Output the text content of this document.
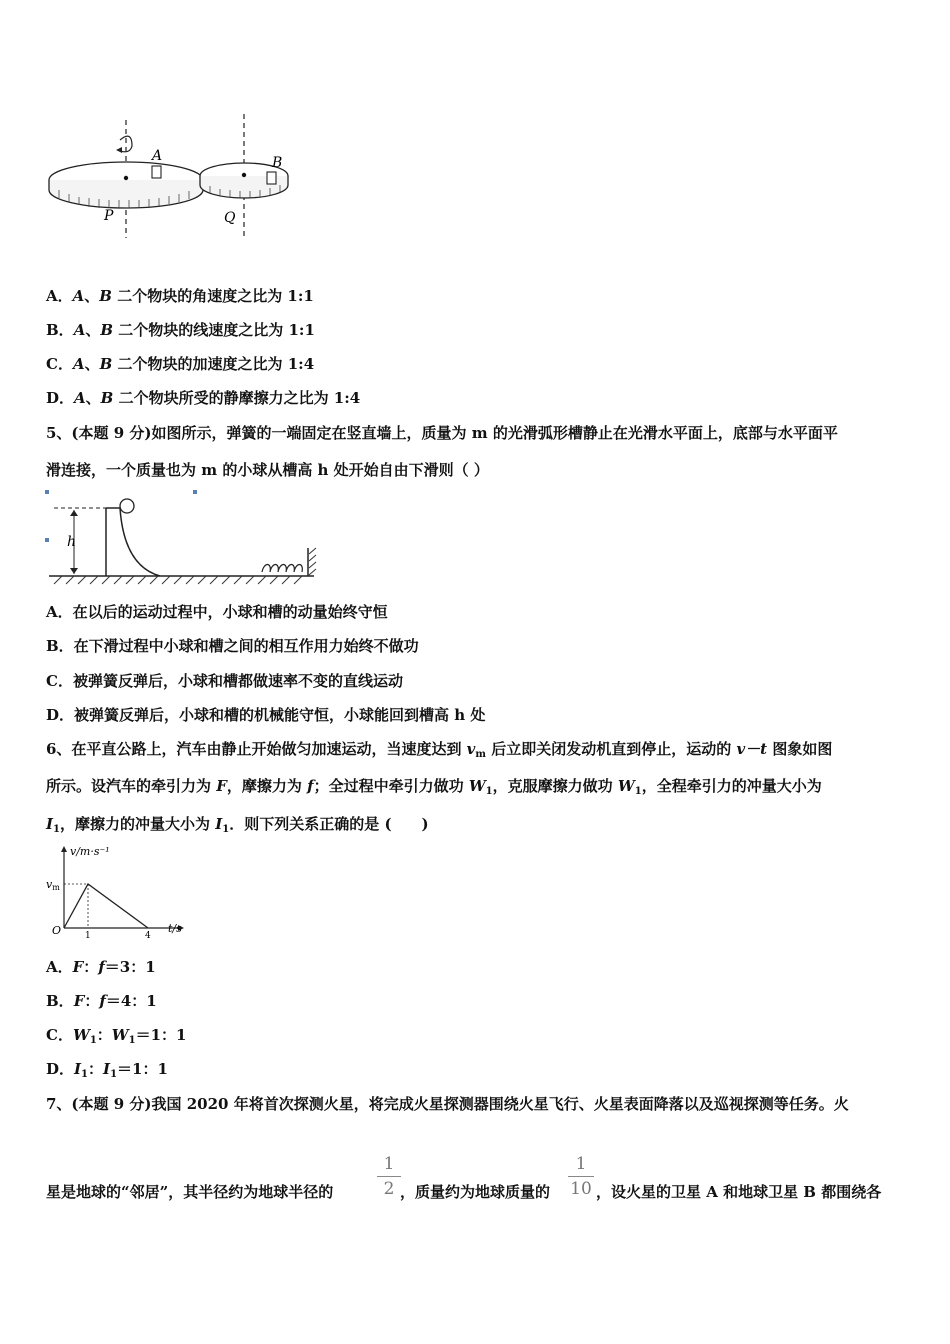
A	B
P	Q
A．A、B 二个物块的角速度之比为 1:1
B．A、B 二个物块的线速度之比为 1:1
C．A、B 二个物块的加速度之比为 1:4
D．A、B 二个物块所受的静摩擦力之比为 1:4
5、(本题 9 分)如图所示，弹簧的一端固定在竖直墙上，质量为 m 的光滑弧形槽静止在光滑水平面上，底部与水平面平
滑连接，一个质量也为 m 的小球从槽高 h 处开始自由下滑则（ ）
h
A．在以后的运动过程中，小球和槽的动量始终守恒
B．在下滑过程中小球和槽之间的相互作用力始终不做功
C．被弹簧反弹后，小球和槽都做速率不变的直线运动
D．被弹簧反弹后，小球和槽的机械能守恒，小球能回到槽高 h 处
6、在平直公路上，汽车由静止开始做匀加速运动，当速度达到 $v_m$ 后立即关闭发动机直到停止，运动的 v－t 图象如图
所示。设汽车的牵引力为 F，摩擦力为 f；全过程中牵引力做功 $W_1$，克服摩擦力做功 $W_1$，全程牵引力的冲量大小为
$I_1$，摩擦力的冲量大小为 $I_1$．则下列关系正确的是 (　　)
v/m·s⁻¹
vm
O	1	4
t/s
A．F：f＝3：1
B．F：f＝4：1
C．$W_1$：$W_1=1$：1
D．$I_1$：$I_1=1$：1
7、(本题 9 分)我国 2020 年将首次探测火星，将完成火星探测器围绕火星飞行、火星表面降落以及巡视探测等任务。火
星是地球的“邻居”，其半径约为地球半径的
1
2 ，质量约为地球质量的
1
10 ，设火星的卫星 A 和地球卫星 B 都围绕各
